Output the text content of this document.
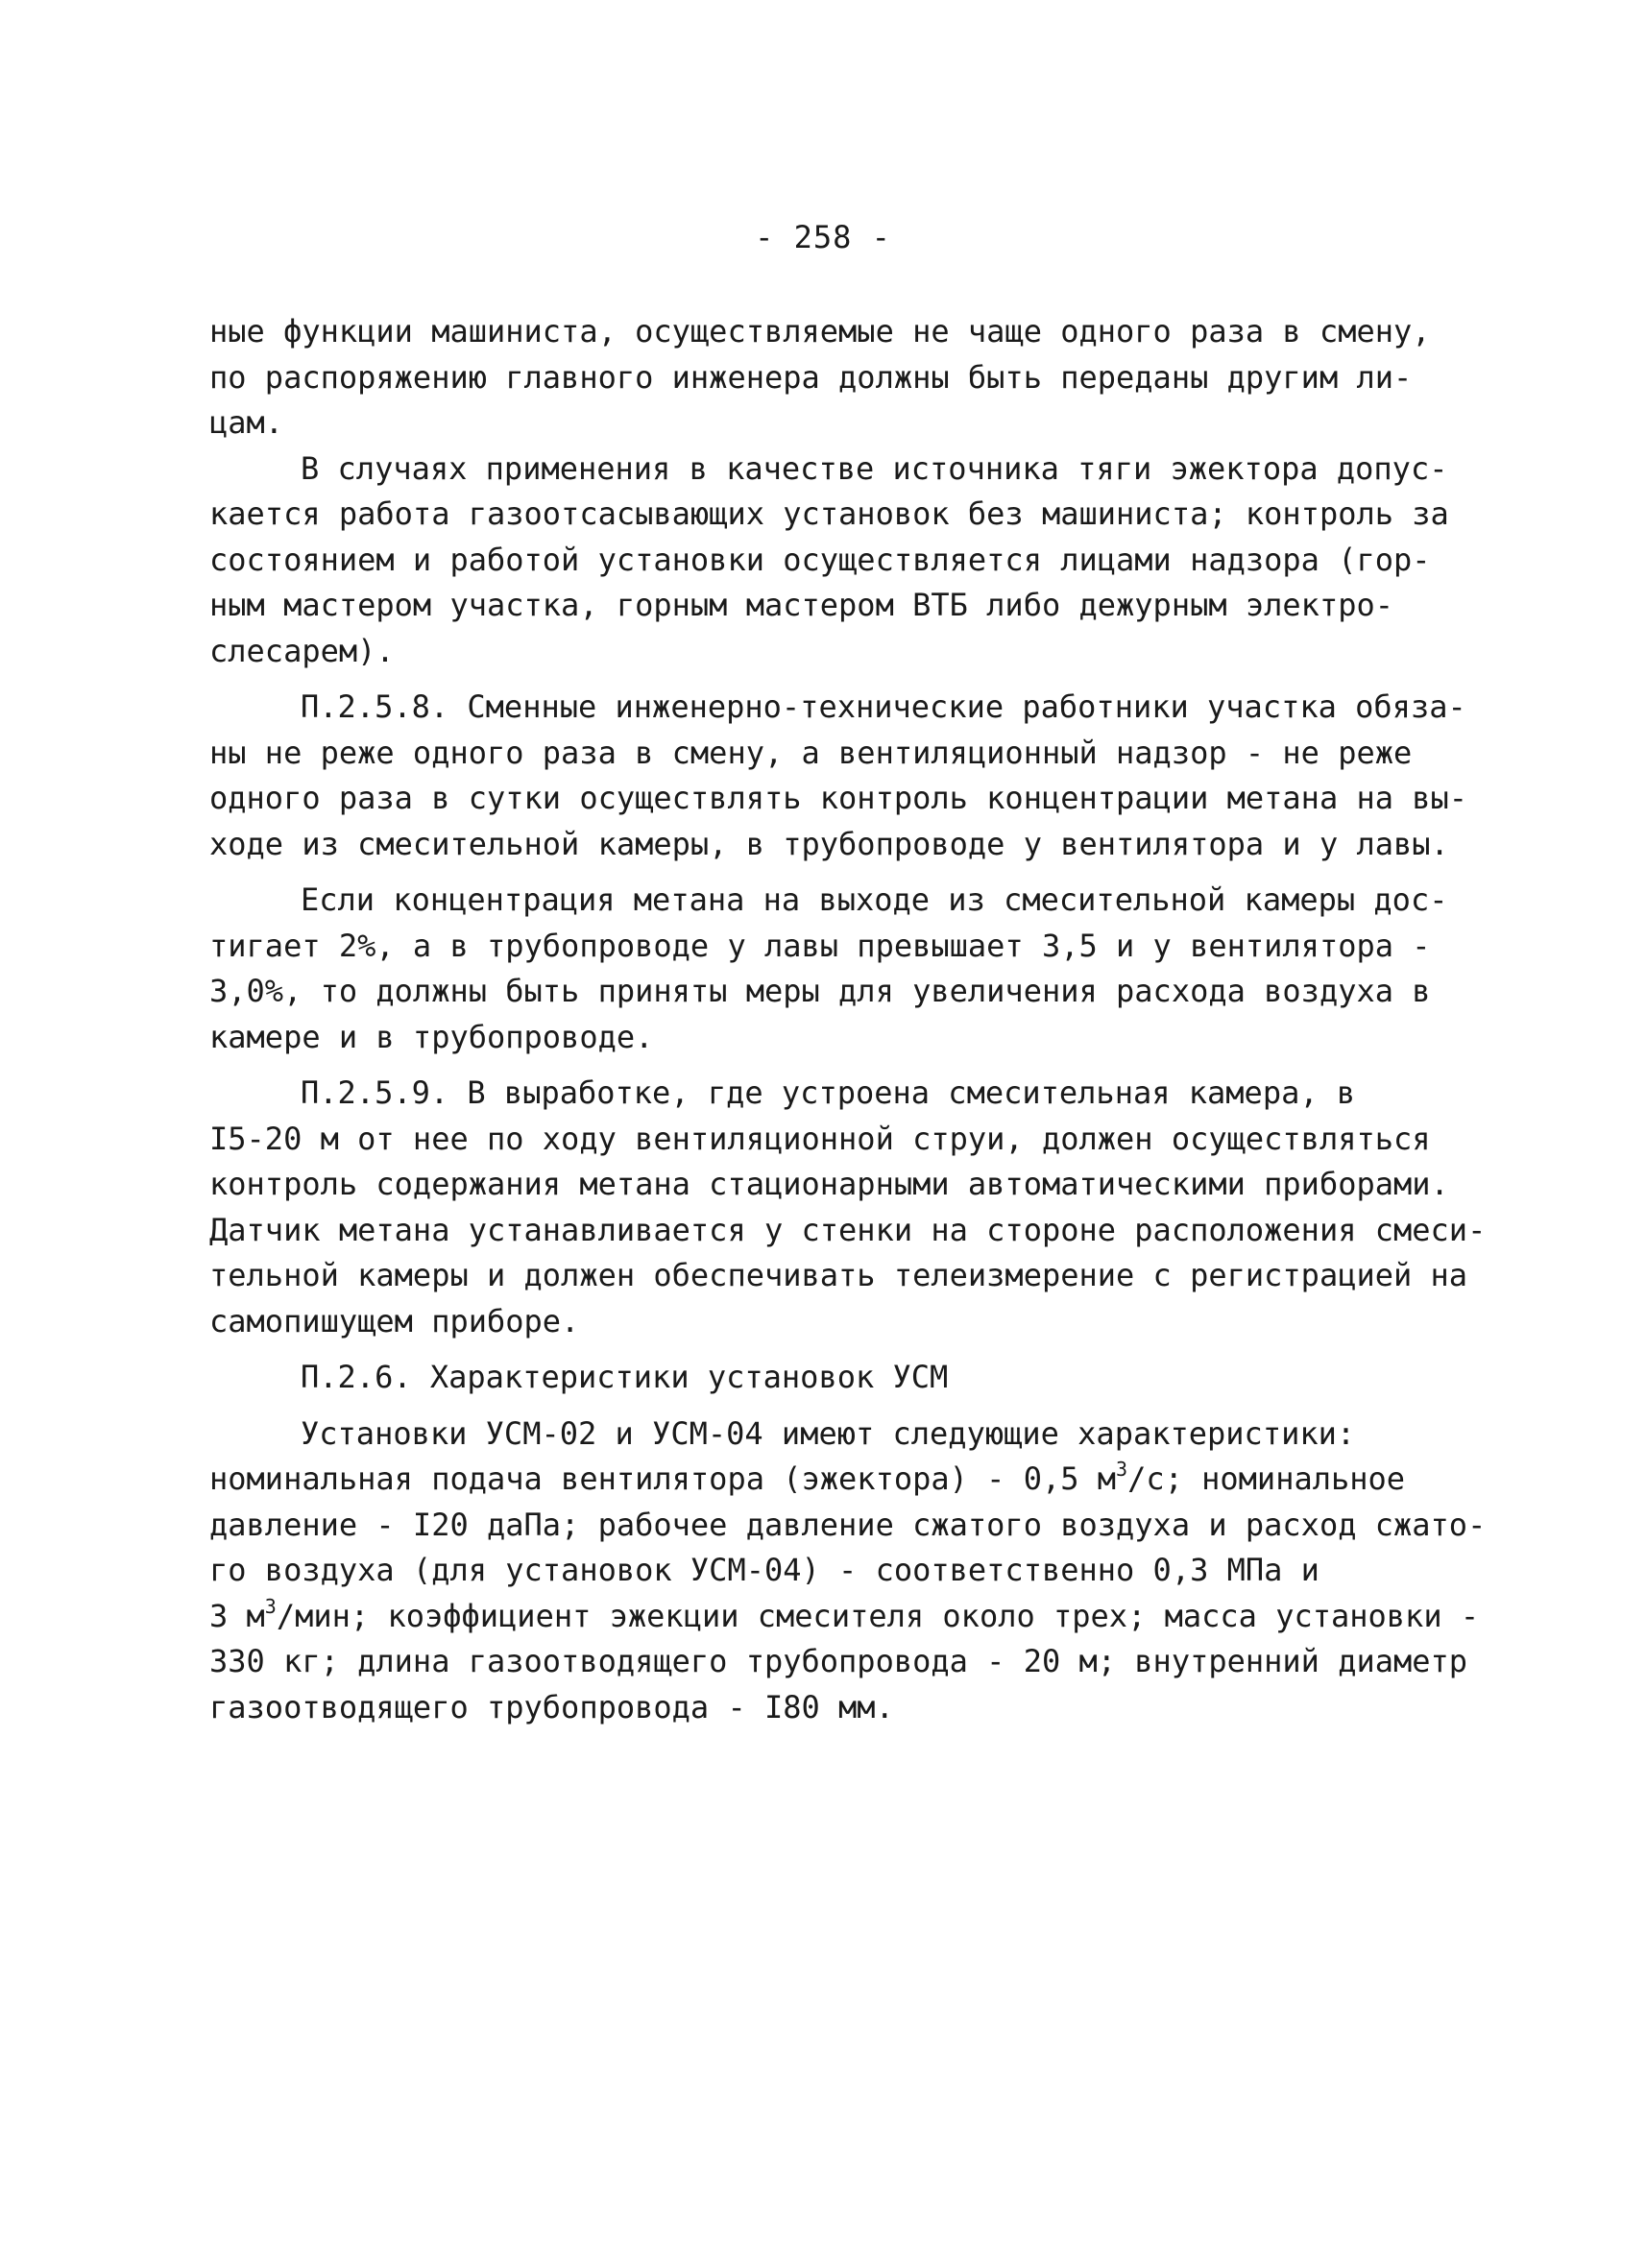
- 258 -
ные функции машиниста, осуществляемые не чаще одного раза в смену,
по распоряжению главного инженера должны быть переданы другим ли-
цам.
В случаях применения в качестве источника тяги эжектора допус-
кается работа газоотсасывающих установок без машиниста; контроль за
состоянием и работой установки осуществляется лицами надзора (гор-
ным мастером участка, горным мастером ВТБ либо дежурным электро-
слесарем).
П.2.5.8. Сменные инженерно-технические работники участка обяза-
ны не реже одного раза в смену, а вентиляционный надзор - не реже
одного раза в сутки осуществлять контроль концентрации метана на вы-
ходе из смесительной камеры, в трубопроводе у вентилятора и у лавы.
Если концентрация метана на выходе из смесительной камеры дос-
тигает 2%, а в трубопроводе у лавы превышает 3,5 и у вентилятора -
3,0%, то должны быть приняты меры для увеличения расхода воздуха в
камере и в трубопроводе.
П.2.5.9. В выработке, где устроена смесительная камера, в
I5-20 м от нее по ходу вентиляционной струи, должен осуществляться
контроль содержания метана стационарными автоматическими приборами.
Датчик метана устанавливается у стенки на стороне расположения смеси-
тельной камеры и должен обеспечивать телеизмерение с регистрацией на
самопишущем приборе.
П.2.6. Характеристики установок УСМ
Установки УСМ-02 и УСМ-04 имеют следующие характеристики:
номинальная подача вентилятора (эжектора) - 0,5 $м^3/с$; номинальное
давление - I20 даПа; рабочее давление сжатого воздуха и расход сжато-
го воздуха (для установок УСМ-04) - соответственно 0,3 МПа и
3 $м^3$/мин; коэффициент эжекции смесителя около трех; масса установки -
330 кг; длина газоотводящего трубопровода - 20 м; внутренний диаметр
газоотводящего трубопровода - I80 мм.
